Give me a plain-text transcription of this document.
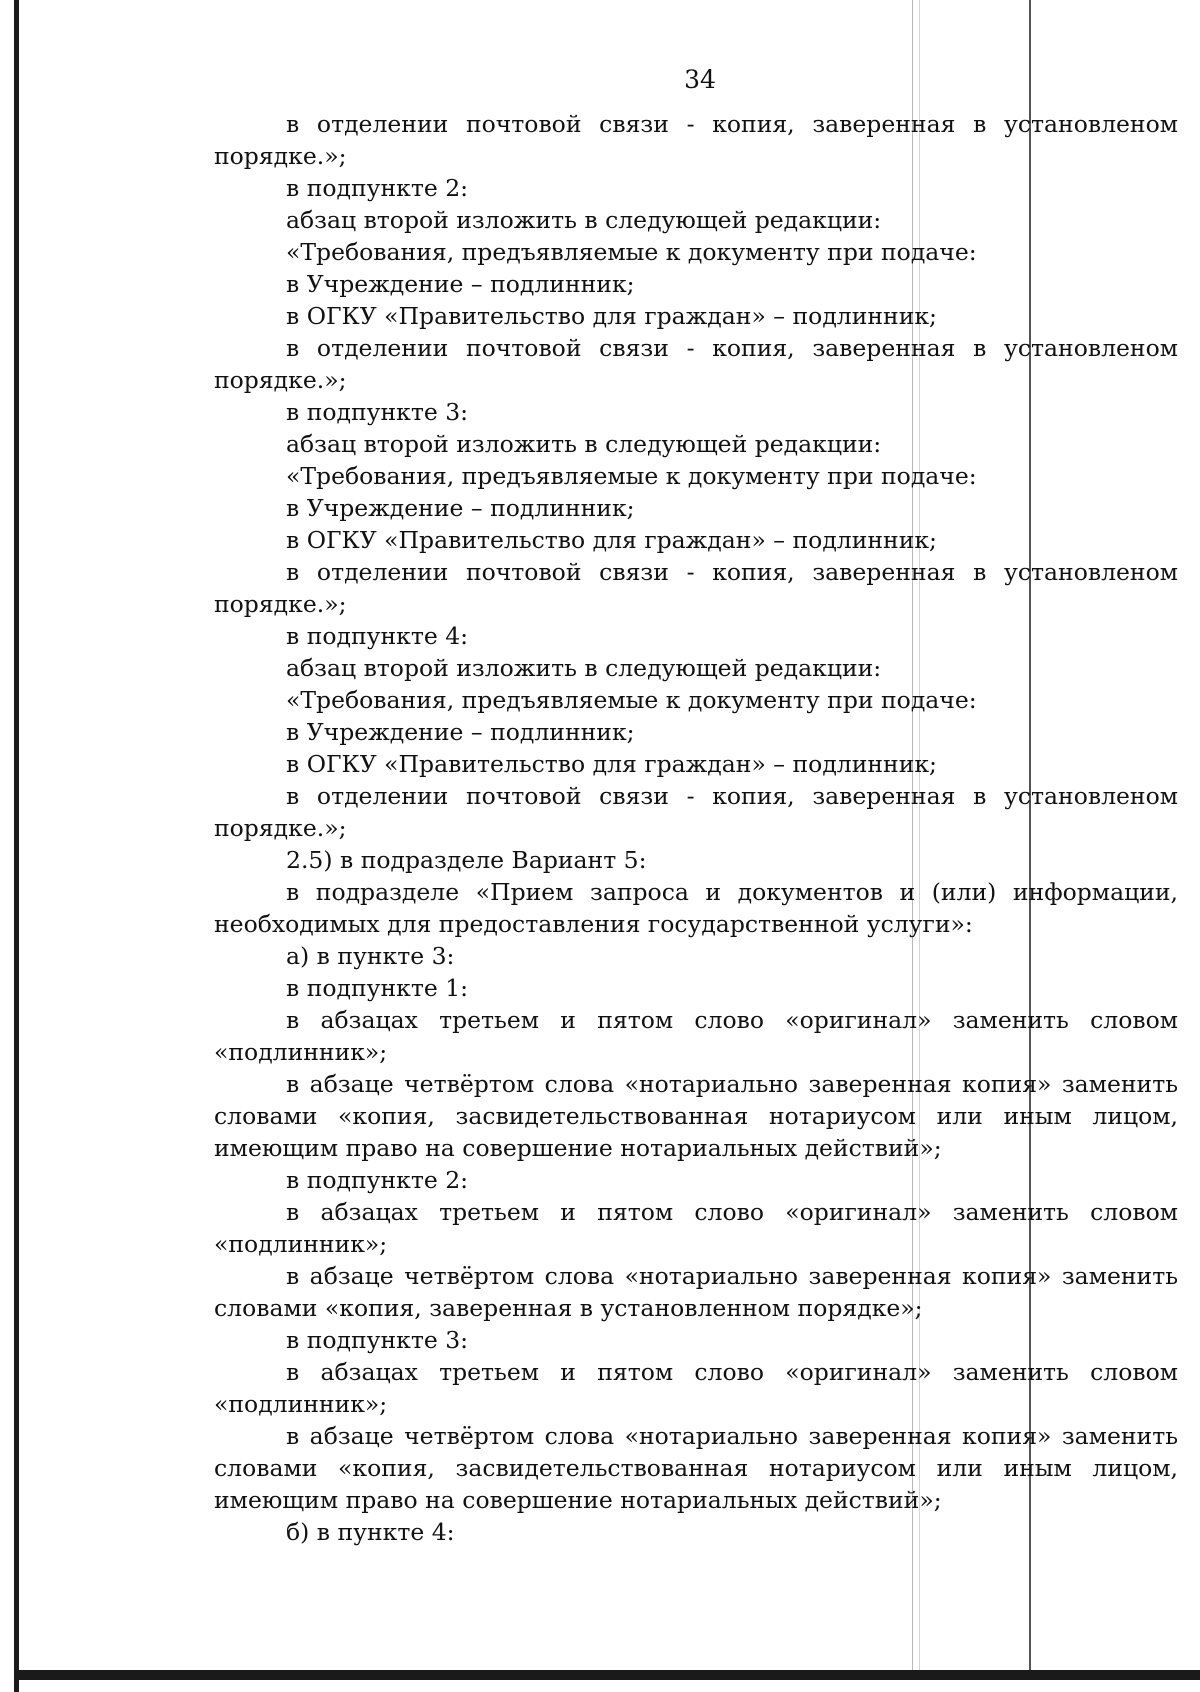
34

в отделении почтовой связи - копия, заверенная в установленом порядке.»;

в подпункте 2:

абзац второй изложить в следующей редакции:

«Требования, предъявляемые к документу при подаче:

в Учреждение – подлинник;

в ОГКУ «Правительство для граждан» – подлинник;

в отделении почтовой связи - копия, заверенная в установленом порядке.»;

в подпункте 3:

абзац второй изложить в следующей редакции:

«Требования, предъявляемые к документу при подаче:

в Учреждение – подлинник;

в ОГКУ «Правительство для граждан» – подлинник;

в отделении почтовой связи - копия, заверенная в установленом порядке.»;

в подпункте 4:

абзац второй изложить в следующей редакции:

«Требования, предъявляемые к документу при подаче:

в Учреждение – подлинник;

в ОГКУ «Правительство для граждан» – подлинник;

в отделении почтовой связи - копия, заверенная в установленом порядке.»;

2.5) в подразделе Вариант 5:

в подразделе «Прием запроса и документов и (или) информации, необходимых для предоставления государственной услуги»:

а) в пункте 3:

в подпункте 1:

в абзацах третьем и пятом слово «оригинал» заменить словом «подлинник»;

в абзаце четвёртом слова «нотариально заверенная копия» заменить словами «копия, засвидетельствованная нотариусом или иным лицом, имеющим право на совершение нотариальных действий»;

в подпункте 2:

в абзацах третьем и пятом слово «оригинал» заменить словом «подлинник»;

в абзаце четвёртом слова «нотариально заверенная копия» заменить словами «копия, заверенная в установленном порядке»;

в подпункте 3:

в абзацах третьем и пятом слово «оригинал» заменить словом «подлинник»;

в абзаце четвёртом слова «нотариально заверенная копия» заменить словами «копия, засвидетельствованная нотариусом или иным лицом, имеющим право на совершение нотариальных действий»;

б) в пункте 4:
